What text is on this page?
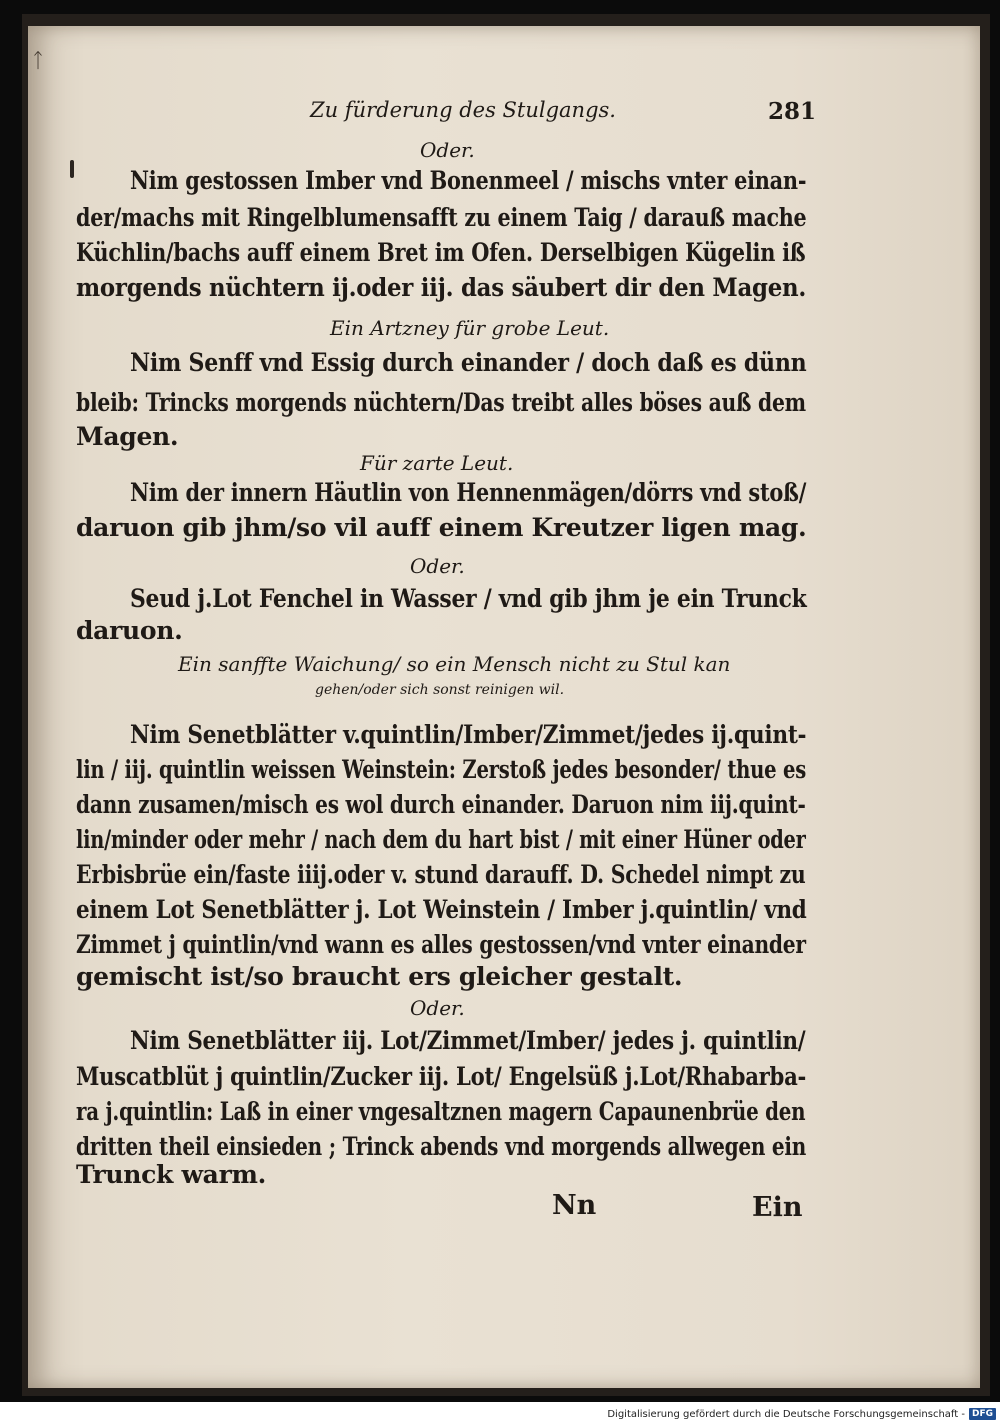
ᛏ
Zu fürderung des Stulgangs.	281
Oder.
Nim gestossen Imber vnd Bonenmeel / mischs vnter einan-
der/machs mit Ringelblumensafft zu einem Taig / darauß mache
Küchlin/bachs auff einem Bret im Ofen. Derselbigen Kügelin iß
morgends nüchtern ij.oder iij. das säubert dir den Magen.
Ein Artzney für grobe Leut.
Nim Senff vnd Essig durch einander / doch daß es dünn
bleib: Trincks morgends nüchtern/Das treibt alles böses auß dem
Magen.
Für zarte Leut.
Nim der innern Häutlin von Hennenmägen/dörrs vnd stoß/
daruon gib jhm/so vil auff einem Kreutzer ligen mag.
Oder.
Seud j.Lot Fenchel in Wasser / vnd gib jhm je ein Trunck
daruon.
Ein sanffte Waichung/ so ein Mensch nicht zu Stul kan
gehen/oder sich sonst reinigen wil.
Nim Senetblätter v.quintlin/Imber/Zimmet/jedes ij.quint-
lin / iij. quintlin weissen Weinstein: Zerstoß jedes besonder/ thue es
dann zusamen/misch es wol durch einander. Daruon nim iij.quint-
lin/minder oder mehr / nach dem du hart bist / mit einer Hüner oder
Erbisbrüe ein/faste iiij.oder v. stund darauff. D. Schedel nimpt zu
einem Lot Senetblätter j. Lot Weinstein / Imber j.quintlin/ vnd
Zimmet j quintlin/vnd wann es alles gestossen/vnd vnter einander
gemischt ist/so braucht ers gleicher gestalt.
Oder.
Nim Senetblätter iij. Lot/Zimmet/Imber/ jedes j. quintlin/
Muscatblüt j quintlin/Zucker iij. Lot/ Engelsüß j.Lot/Rhabarba-
ra j.quintlin: Laß in einer vngesaltznen magern Capaunenbrüe den
dritten theil einsieden ; Trinck abends vnd morgends allwegen ein
Trunck warm.
Nn	Ein
Digitalisierung gefördert durch die Deutsche Forschungsgemeinschaft - DFG
